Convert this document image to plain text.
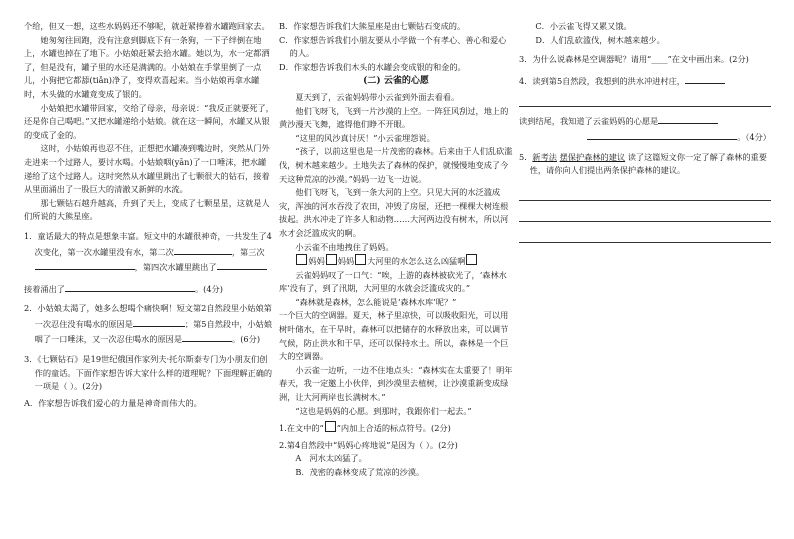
个给，但又一想，这些水妈妈还不够呢，就赶紧捧着水罐跑回家去。

她匆匆往回跑，没有注意到脚底下有一条狗，一下子绊倒在地上，水罐也掉在了地下。小姑娘赶紧去拾水罐。她以为，水一定都洒了，但是没有，罐子里的水还是满满的。小姑娘在手掌里倒了一点儿，小狗把它都舔(tiǎn)净了，变得欢喜起来。当小姑娘再拿水罐时，木头做的水罐竟变成了银的。

小姑娘把水罐带回家，交给了母亲，母亲说：“我反正就要死了，还是你自己喝吧。”又把水罐递给小姑娘。就在这一瞬间，水罐又从银的变成了金的。

这时，小姑娘再也忍不住，正想把水罐凑到嘴边时，突然从门外走进来一个过路人，要讨水喝。小姑娘咽(yān)了一口唾沫，把水罐递给了这个过路人。这时突然从水罐里跳出了七颗很大的钻石，接着从里面涌出了一股巨大的清澈又新鲜的水流。

那七颗钻石越升越高，升到了天上，变成了七颗星星，这就是人们所说的大熊星座。

1．童话最大的特点是想象丰富。短文中的水罐很神奇，一共发生了4次变化，第一次水罐里没有水，第二次	，第三次，第四次水罐里跳出了

接着涌出了	。(4分)

2．小姑娘太渴了，她多么想喝个痛快啊！短文第2自然段里小姑娘第一次忍住没有喝水的原因是	；第5自然段中，小姑娘咽了一口唾沫，又一次忍住喝水的原因是	。(6分)

3．《七颗钻石》是19世纪俄国作家列夫·托尔斯泰专门为小朋友们创作的童话。下面作家想告诉大家什么样的道理呢？下面理解正确的一项是（ ）。(2分)

A．作家想告诉我们爱心的力量是神奇而伟大的。

B．作家想告诉我们大熊星座是由七颗钻石变成的。

C．作家想告诉我们小朋友要从小学做一个有孝心、善心和爱心的人。

D．作家想告诉我们木头的水罐会变成银的和金的。

(二) 云雀的心愿

夏天到了，云雀妈妈带小云雀到外面去看看。

他们飞呀飞，飞到一片沙漠的上空。一阵狂风刮过，地上的黄沙漫天飞舞，遮得他们睁不开眼。

“这里的风沙真讨厌！”小云雀埋怨说。

“孩子，以前这里也是一片茂密的森林。后来由于人们乱砍滥伐，树木越来越少。土地失去了森林的保护，就慢慢地变成了今天这种荒凉的沙漠。”妈妈一边飞一边说。

他们飞呀飞，飞到一条大河的上空。只见大河的水泛滥成灾，浑浊的河水吞没了农田，冲毁了房屋，还把一棵棵大树连根拔起。洪水冲走了许多人和动物……大河两边没有树木，所以河水才会泛滥成灾的啊。

小云雀不由地拽住了妈妈。

妈妈 妈妈 大河里的水怎么这么凶猛啊

云雀妈妈叹了一口气：“唉，上游的森林被砍光了，‘森林水库’没有了，到了汛期，大河里的水就会泛滥成灾的。”

“森林就是森林，怎么能说是‘森林水库’呢？”

一个巨大的空调器。夏天，林子里凉快，可以吸收阳光，可以用树叶储水，在干旱时，森林可以把储存的水释放出来，可以调节气候，防止洪水和干旱，还可以保持水土。所以，森林是一个巨大的空调器。

小云雀一边听，一边不住地点头：“森林实在太重要了！明年春天，我一定邀上小伙伴，到沙漠里去植树，让沙漠重新变成绿洲，让大河两岸也长满树木。”

“这也是妈妈的心愿。到那时，我跟你们一起去。”

1.在文中的“ ”内加上合适的标点符号。(2分)

2.第4自然段中“妈妈心疼地说”是因为（ ）。(2分)

A　河水太凶猛了。

B．茂密的森林变成了荒凉的沙漠。

C．小云雀飞得又累又饿。

D．人们乱砍滥伐，树木越来越少。

3．为什么说森林是空调器呢？请用“____”在文中画出来。(2分)

4．读到第5自然段，我想到的洪水冲进村庄，

读到结尾，我知道了云雀妈妈的心愿是

。（4分）

5．新考法 摆保护森林的建议 读了这篇短文你一定了解了森林的重要性，请你向人们提出两条保护森林的建议。
